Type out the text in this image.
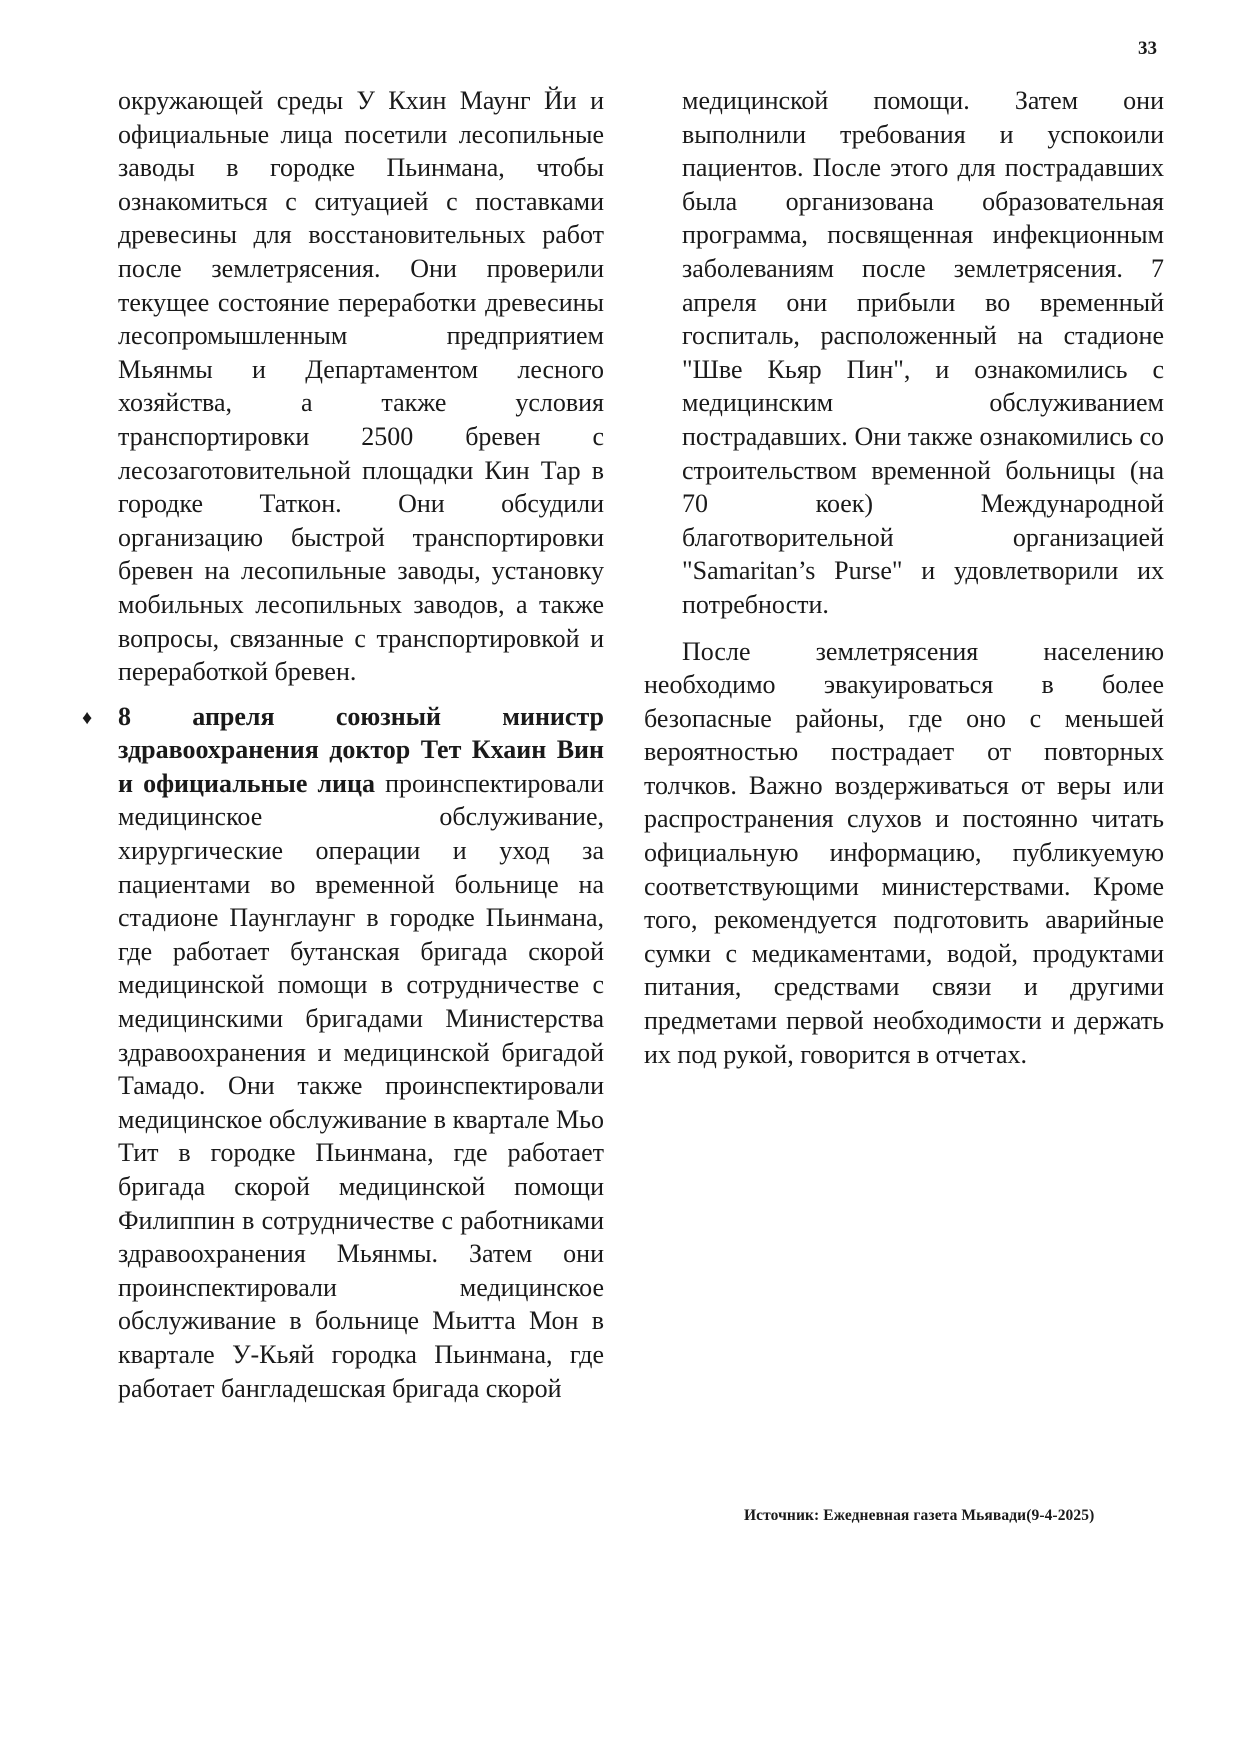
33

окружающей среды У Кхин Маунг Йи и официальные лица посетили лесопильные заводы в городке Пьинмана, чтобы ознакомиться с ситуацией с поставками древесины для восстановительных работ после землетрясения. Они проверили текущее состояние переработки древесины лесопромышленным предприятием Мьянмы и Департаментом лесного хозяйства, а также условия транспортировки 2500 бревен с лесозаготовительной площадки Кин Тар в городке Таткон. Они обсудили организацию быстрой транспортировки бревен на лесопильные заводы, установку мобильных лесопильных заводов, а также вопросы, связанные с транспортировкой и переработкой бревен.

♦ 8 апреля союзный министр здравоохранения доктор Тет Кхаин Вин и официальные лица проинспектировали медицинское обслуживание, хирургические операции и уход за пациентами во временной больнице на стадионе Паунглаунг в городке Пьинмана, где работает бутанская бригада скорой медицинской помощи в сотрудничестве с медицинскими бригадами Министерства здравоохранения и медицинской бригадой Тамадо. Они также проинспектировали медицинское обслуживание в квартале Мьо Тит в городке Пьинмана, где работает бригада скорой медицинской помощи Филиппин в сотрудничестве с работниками здравоохранения Мьянмы. Затем они проинспектировали медицинское обслуживание в больнице Мьитта Мон в квартале У-Кьяй городка Пьинмана, где работает бангладешская бригада скорой

медицинской помощи. Затем они выполнили требования и успокоили пациентов. После этого для пострадавших была организована образовательная программа, посвященная инфекционным заболеваниям после землетрясения. 7 апреля они прибыли во временный госпиталь, расположенный на стадионе "Шве Кьяр Пин", и ознакомились с медицинским обслуживанием пострадавших. Они также ознакомились со строительством временной больницы (на 70 коек) Международной благотворительной организацией "Samaritan’s Purse" и удовлетворили их потребности.

После землетрясения населению необходимо эвакуироваться в более безопасные районы, где оно с меньшей вероятностью пострадает от повторных толчков. Важно воздерживаться от веры или распространения слухов и постоянно читать официальную информацию, публикуемую соответствующими министерствами. Кроме того, рекомендуется подготовить аварийные сумки с медикаментами, водой, продуктами питания, средствами связи и другими предметами первой необходимости и держать их под рукой, говорится в отчетах.

Источник: Ежедневная газета Мьявади(9-4-2025)
